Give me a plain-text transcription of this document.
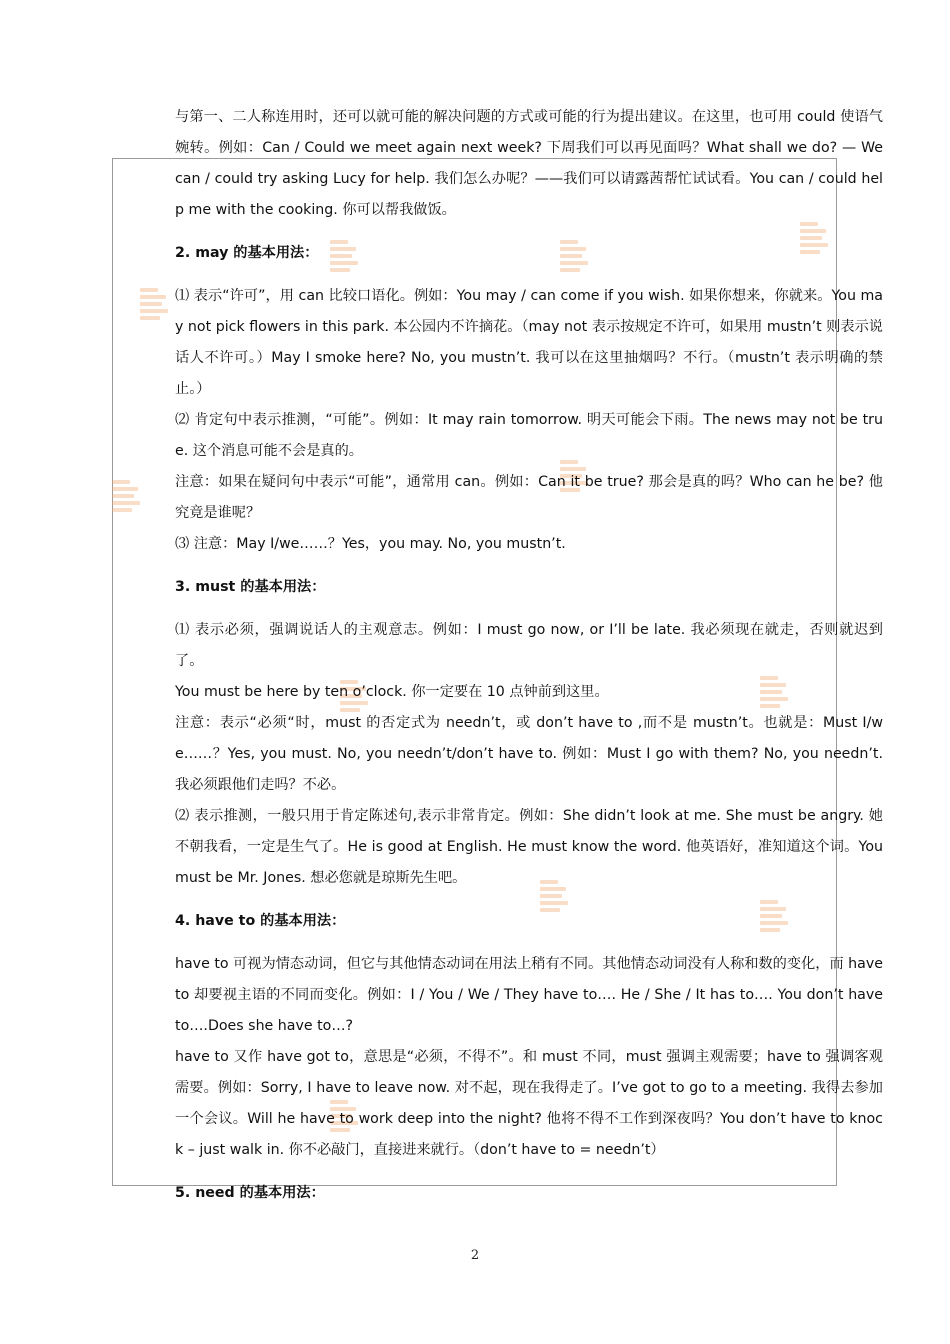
与第一、二人称连用时，还可以就可能的解决问题的方式或可能的行为提出建议。在这里，也可用 could 使语气婉转。例如：Can / Could we meet again next week? 下周我们可以再见面吗？What shall we do? — We can / could try asking Lucy for help. 我们怎么办呢？——我们可以请露茜帮忙试试看。You can / could help me with the cooking. 你可以帮我做饭。

2. may 的基本用法：

⑴ 表示“许可”，用 can 比较口语化。例如：You may / can come if you wish. 如果你想来，你就来。You may not pick flowers in this park. 本公园内不许摘花。（may not 表示按规定不许可，如果用 mustn’t 则表示说话人不许可。）May I smoke here? No, you mustn’t. 我可以在这里抽烟吗？不行。（mustn’t 表示明确的禁止。）

⑵ 肯定句中表示推测，“可能”。例如：It may rain tomorrow. 明天可能会下雨。The news may not be true. 这个消息可能不会是真的。

注意：如果在疑问句中表示“可能”，通常用 can。例如：Can it be true? 那会是真的吗？Who can he be? 他究竟是谁呢？

⑶ 注意：May I/we……？Yes，you may. No, you mustn’t.

3. must 的基本用法：

⑴ 表示必须，强调说话人的主观意志。例如：I must go now, or I’ll be late. 我必须现在就走，否则就迟到了。

You must be here by ten o’clock. 你一定要在 10 点钟前到这里。

注意：表示“必须“时，must 的否定式为 needn’t，或 don’t have to ,而不是 mustn’t。也就是：Must I/we……？Yes, you must. No, you needn’t/don’t have to. 例如：Must I go with them? No, you needn’t. 我必须跟他们走吗？不必。

⑵ 表示推测，一般只用于肯定陈述句,表示非常肯定。例如：She didn’t look at me. She must be angry. 她不朝我看，一定是生气了。He is good at English. He must know the word. 他英语好，准知道这个词。You must be Mr. Jones. 想必您就是琼斯先生吧。

4. have to 的基本用法：

have to 可视为情态动词，但它与其他情态动词在用法上稍有不同。其他情态动词没有人称和数的变化，而 have to 却要视主语的不同而变化。例如：I / You / We / They have to…. He / She / It has to…. You don’t have to….Does she have to…?

have to 又作 have got to，意思是“必须，不得不”。和 must 不同，must 强调主观需要；have to 强调客观需要。例如：Sorry, I have to leave now. 对不起，现在我得走了。I’ve got to go to a meeting. 我得去参加一个会议。Will he have to work deep into the night? 他将不得不工作到深夜吗？You don’t have to knock – just walk in. 你不必敲门，直接进来就行。（don’t have to = needn’t）

5. need 的基本用法：
2
